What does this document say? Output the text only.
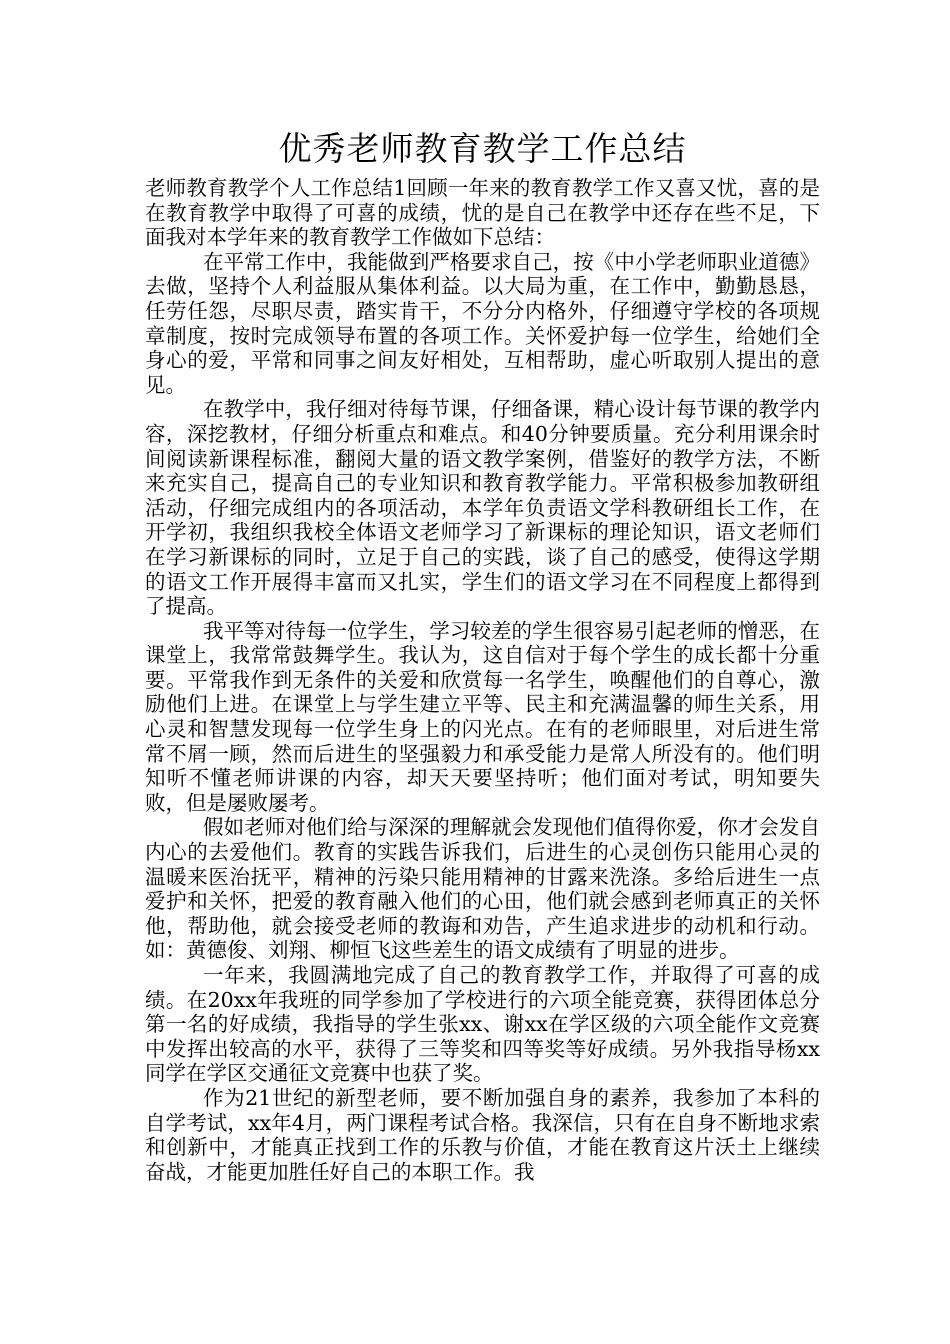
优秀老师教育教学工作总结

老师教育教学个人工作总结1回顾一年来的教育教学工作又喜又忧，喜的是在教育教学中取得了可喜的成绩，忧的是自己在教学中还存在些不足，下面我对本学年来的教育教学工作做如下总结：

在平常工作中，我能做到严格要求自己，按《中小学老师职业道德》去做，坚持个人利益服从集体利益。以大局为重，在工作中，勤勤恳恳，任劳任怨，尽职尽责，踏实肯干，不分分内格外，仔细遵守学校的各项规章制度，按时完成领导布置的各项工作。关怀爱护每一位学生，给她们全身心的爱，平常和同事之间友好相处，互相帮助，虚心听取别人提出的意见。

在教学中，我仔细对待每节课，仔细备课，精心设计每节课的教学内容，深挖教材，仔细分析重点和难点。和40分钟要质量。充分利用课余时间阅读新课程标准，翻阅大量的语文教学案例，借鉴好的教学方法，不断来充实自己，提高自己的专业知识和教育教学能力。平常积极参加教研组活动，仔细完成组内的各项活动，本学年负责语文学科教研组长工作，在开学初，我组织我校全体语文老师学习了新课标的理论知识，语文老师们在学习新课标的同时，立足于自己的实践，谈了自己的感受，使得这学期的语文工作开展得丰富而又扎实，学生们的语文学习在不同程度上都得到了提高。

我平等对待每一位学生，学习较差的学生很容易引起老师的憎恶，在课堂上，我常常鼓舞学生。我认为，这自信对于每个学生的成长都十分重要。平常我作到无条件的关爱和欣赏每一名学生，唤醒他们的自尊心，激励他们上进。在课堂上与学生建立平等、民主和充满温馨的师生关系，用心灵和智慧发现每一位学生身上的闪光点。在有的老师眼里，对后进生常常不屑一顾，然而后进生的坚强毅力和承受能力是常人所没有的。他们明知听不懂老师讲课的内容，却天天要坚持听；他们面对考试，明知要失败，但是屡败屡考。

假如老师对他们给与深深的理解就会发现他们值得你爱，你才会发自内心的去爱他们。教育的实践告诉我们，后进生的心灵创伤只能用心灵的温暖来医治抚平，精神的污染只能用精神的甘露来洗涤。多给后进生一点爱护和关怀，把爱的教育融入他们的心田，他们就会感到老师真正的关怀他，帮助他，就会接受老师的教诲和劝告，产生追求进步的动机和行动。如：黄德俊、刘翔、柳恒飞这些差生的语文成绩有了明显的进步。

一年来，我圆满地完成了自己的教育教学工作，并取得了可喜的成绩。在20xx年我班的同学参加了学校进行的六项全能竞赛，获得团体总分第一名的好成绩，我指导的学生张xx、谢xx在学区级的六项全能作文竞赛中发挥出较高的水平，获得了三等奖和四等奖等好成绩。另外我指导杨xx同学在学区交通征文竞赛中也获了奖。

作为21世纪的新型老师，要不断加强自身的素养，我参加了本科的自学考试，xx年4月，两门课程考试合格。我深信，只有在自身不断地求索和创新中，才能真正找到工作的乐教与价值，才能在教育这片沃土上继续奋战，才能更加胜任好自己的本职工作。我
